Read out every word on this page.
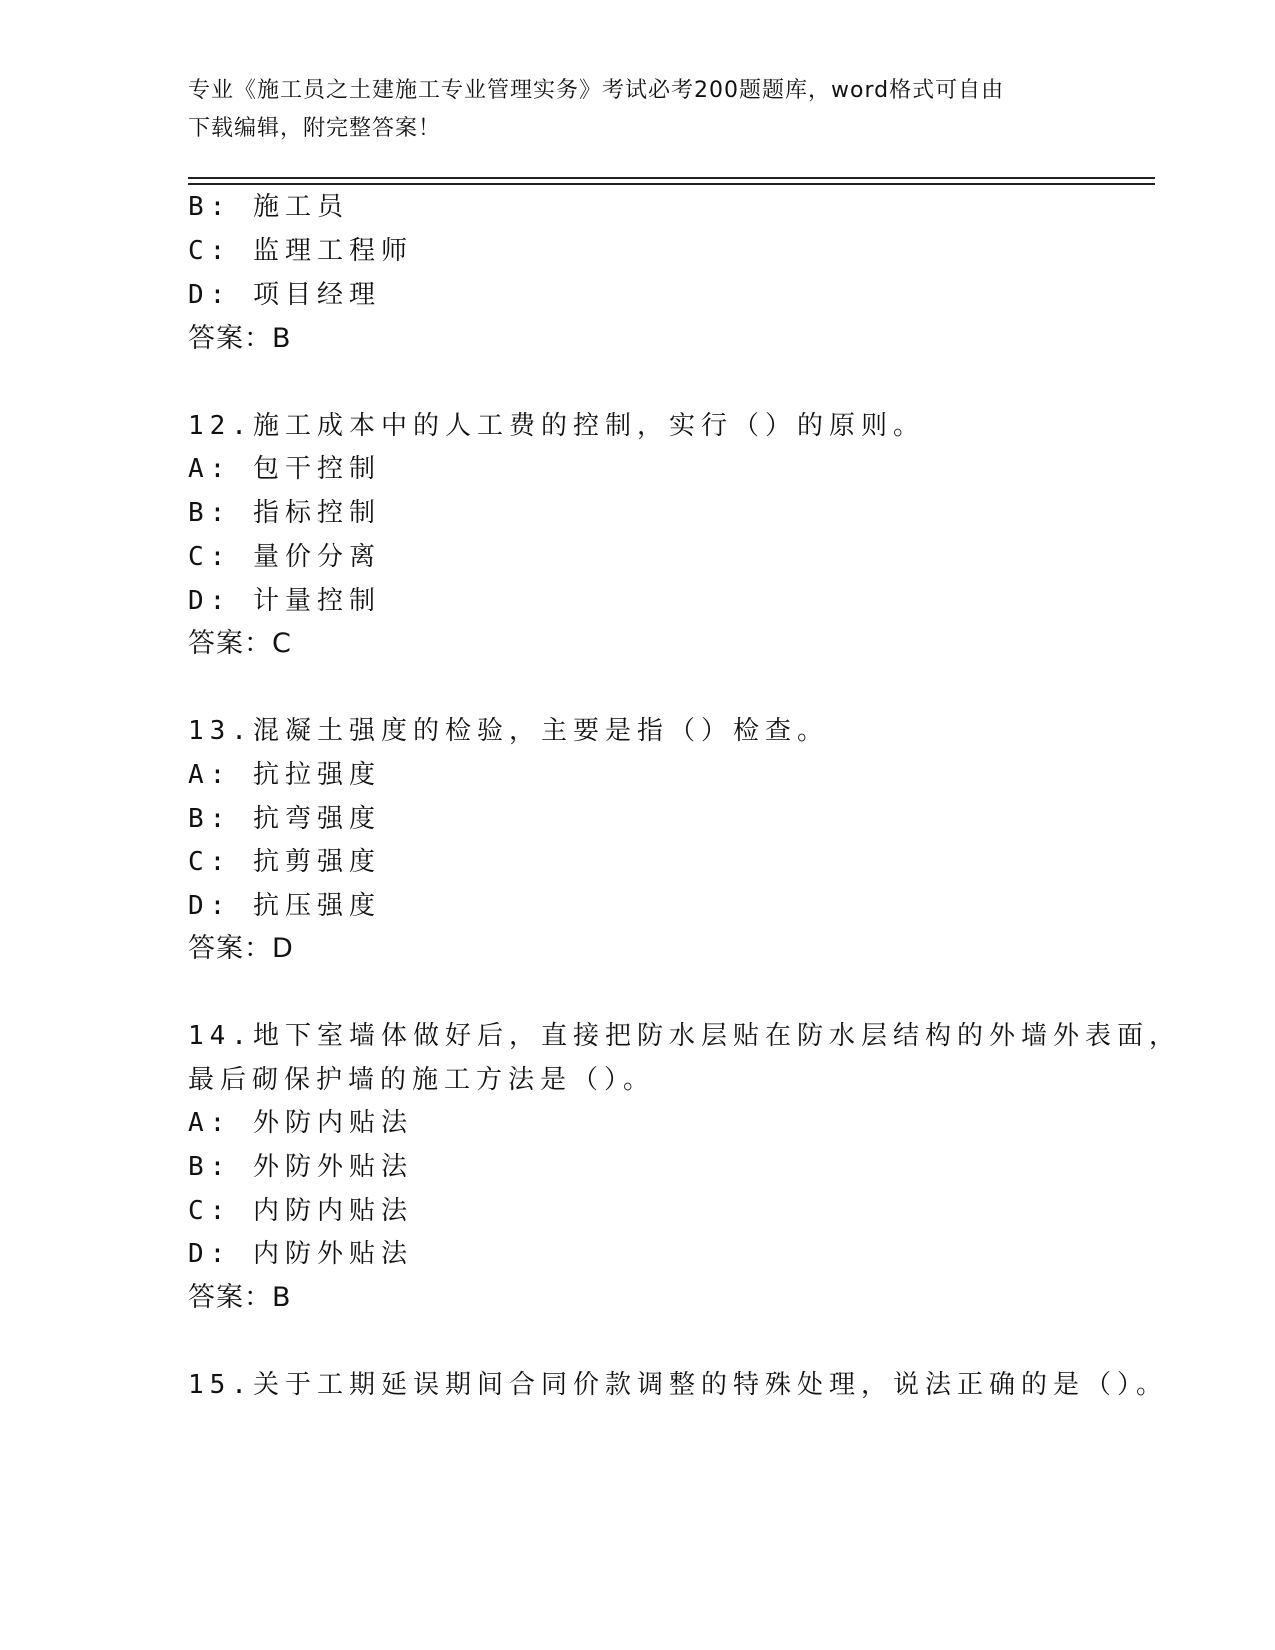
专业《施工员之土建施工专业管理实务》考试必考200题题库，word格式可自由
下载编辑，附完整答案！
B: 施工员
C: 监理工程师
D: 项目经理
答案：B
12.施工成本中的人工费的控制，实行（）的原则。
A: 包干控制
B: 指标控制
C: 量价分离
D: 计量控制
答案：C
13.混凝土强度的检验，主要是指（）检查。
A: 抗拉强度
B: 抗弯强度
C: 抗剪强度
D: 抗压强度
答案：D
14.地下室墙体做好后，直接把防水层贴在防水层结构的外墙外表面，
最后砌保护墙的施工方法是（）。
A: 外防内贴法
B: 外防外贴法
C: 内防内贴法
D: 内防外贴法
答案：B
15.关于工期延误期间合同价款调整的特殊处理，说法正确的是（）。
